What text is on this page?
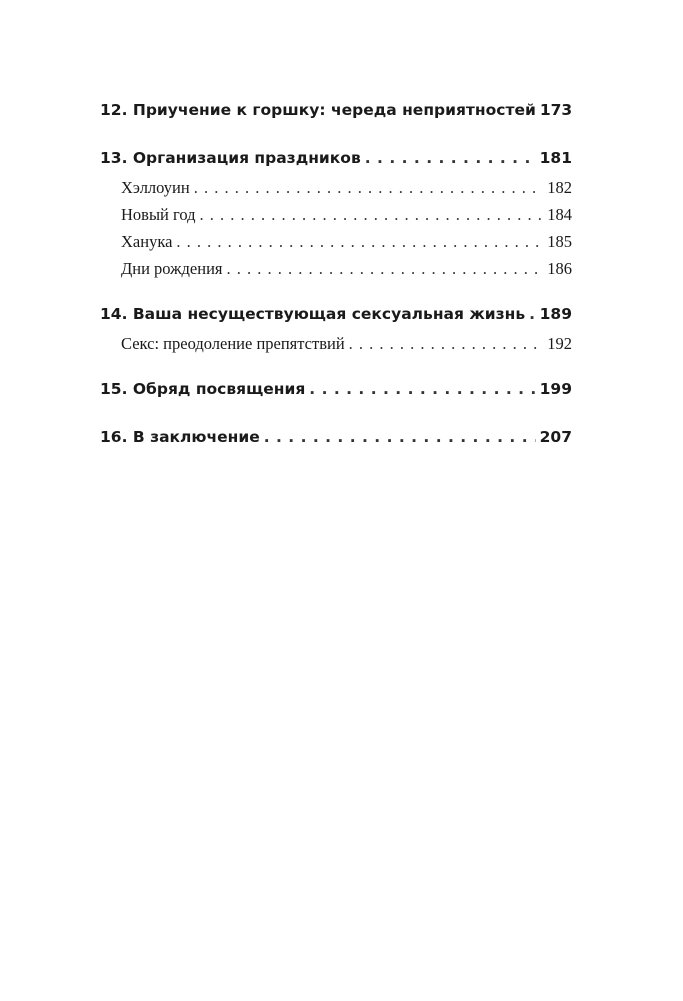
12. Приучение к горшку: череда неприятностей 173
13. Организация праздников . . .	181
Хэллоуин . . .	182
Новый год . . .	184
Ханука . . .	185
Дни рождения . . .	186
14. Ваша несуществующая сексуальная жизнь . . . 189
Секс: преодоление препятствий . . .	192
15. Обряд посвящения . . .	199
16. В заключение . . .	207
